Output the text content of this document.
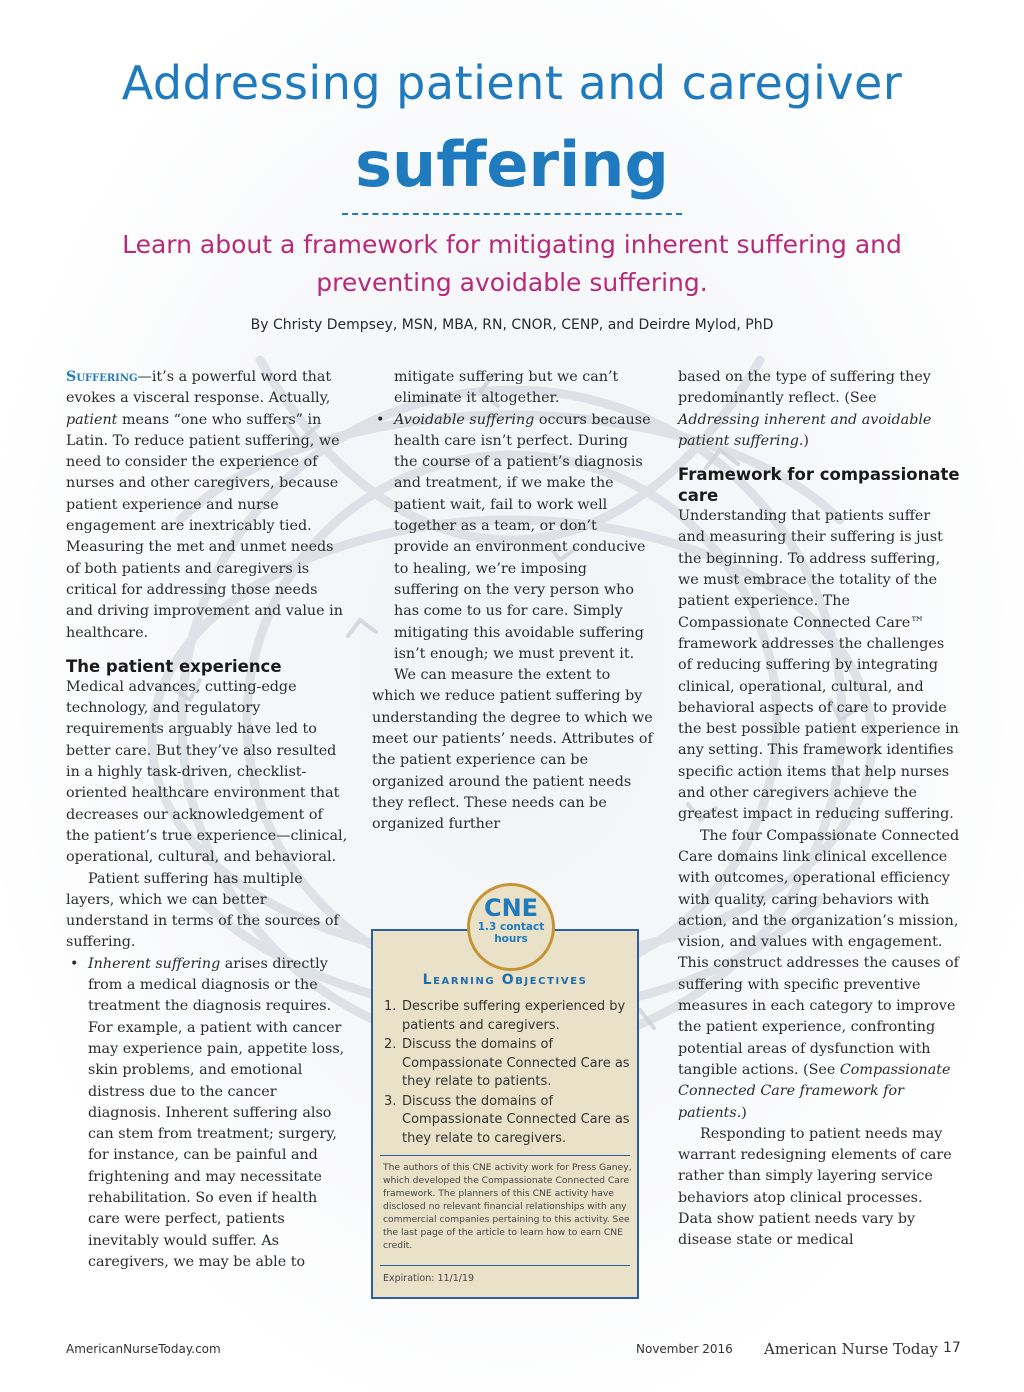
Addressing patient and caregiver
suffering
Learn about a framework for mitigating inherent suffering and preventing avoidable suffering.
By Christy Dempsey, MSN, MBA, RN, CNOR, CENP, and Deirdre Mylod, PhD

Suffering—it’s a powerful word that evokes a visceral response. Actually, patient means “one who suffers” in Latin. To reduce patient suffering, we need to consider the experience of nurses and other caregivers, because patient experience and nurse engagement are inextricably tied. Measuring the met and unmet needs of both patients and caregivers is critical for addressing those needs and driving improvement and value in healthcare.

The patient experience

Medical advances, cutting-edge technology, and regulatory requirements arguably have led to better care. But they’ve also resulted in a highly task-driven, checklist-oriented healthcare environment that decreases our acknowledgement of the patient’s true experience—clinical, operational, cultural, and behavioral.

Patient suffering has multiple layers, which we can better understand in terms of the sources of suffering.

• Inherent suffering arises directly from a medical diagnosis or the treatment the diagnosis requires. For example, a patient with cancer may experience pain, appetite loss, skin problems, and emotional distress due to the cancer diagnosis. Inherent suffering also can stem from treatment; surgery, for instance, can be painful and frightening and may necessitate rehabilitation. So even if health care were perfect, patients inevitably would suffer. As caregivers, we may be able to
mitigate suffering but we can’t eliminate it altogether.
• Avoidable suffering occurs because health care isn’t perfect. During the course of a patient’s diagnosis and treatment, if we make the patient wait, fail to work well together as a team, or don’t provide an environment conducive to healing, we’re imposing suffering on the very person who has come to us for care. Simply mitigating this avoidable suffering isn’t enough; we must prevent it.

We can measure the extent to which we reduce patient suffering by understanding the degree to which we meet our patients’ needs. Attributes of the patient experience can be organized around the patient needs they reflect. These needs can be organized further

based on the type of suffering they predominantly reflect. (See Addressing inherent and avoidable patient suffering.)

Framework for compassionate care

Understanding that patients suffer and measuring their suffering is just the beginning. To address suffering, we must embrace the totality of the patient experience. The Compassionate Connected Care™ framework addresses the challenges of reducing suffering by integrating clinical, operational, cultural, and behavioral aspects of care to provide the best possible patient experience in any setting. This framework identifies specific action items that help nurses and other caregivers achieve the greatest impact in reducing suffering.

The four Compassionate Connected Care domains link clinical excellence with outcomes, operational efficiency with quality, caring behaviors with action, and the organization’s mission, vision, and values with engagement. This construct addresses the causes of suffering with specific preventive measures in each category to improve the patient experience, confronting potential areas of dysfunction with tangible actions. (See Compassionate Connected Care framework for patients.)

Responding to patient needs may warrant redesigning elements of care rather than simply layering service behaviors atop clinical processes. Data show patient needs vary by disease state or medical

CNE
1.3 contact
hours
Learning Objectives
1. Describe suffering experienced by patients and caregivers.
2. Discuss the domains of Compassionate Connected Care as they relate to patients.
3. Discuss the domains of Compassionate Connected Care as they relate to caregivers.
The authors of this CNE activity work for Press Ganey, which developed the Compassionate Connected Care framework. The planners of this CNE activity have disclosed no relevant financial relationships with any commercial companies pertaining to this activity. See the last page of the article to learn how to earn CNE credit.
Expiration: 11/1/19
AmericanNurseToday.com	November 2016 American Nurse Today 17
